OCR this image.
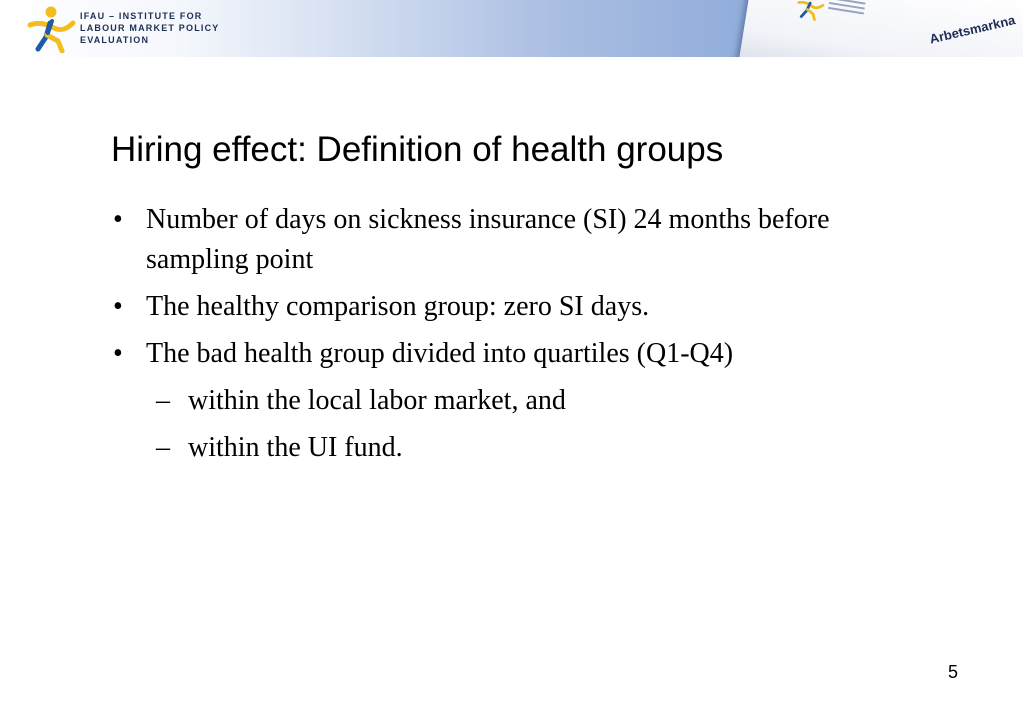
IFAU – INSTITUTE FOR
LABOUR MARKET POLICY
EVALUATION	Arbetsmarkna

Hiring effect: Definition of health groups
• Number of days on sickness insurance (SI) 24 months before sampling point
• The healthy comparison group: zero SI days.
• The bad health group divided into quartiles (Q1-Q4)
– within the local labor market, and
– within the UI fund.

5
